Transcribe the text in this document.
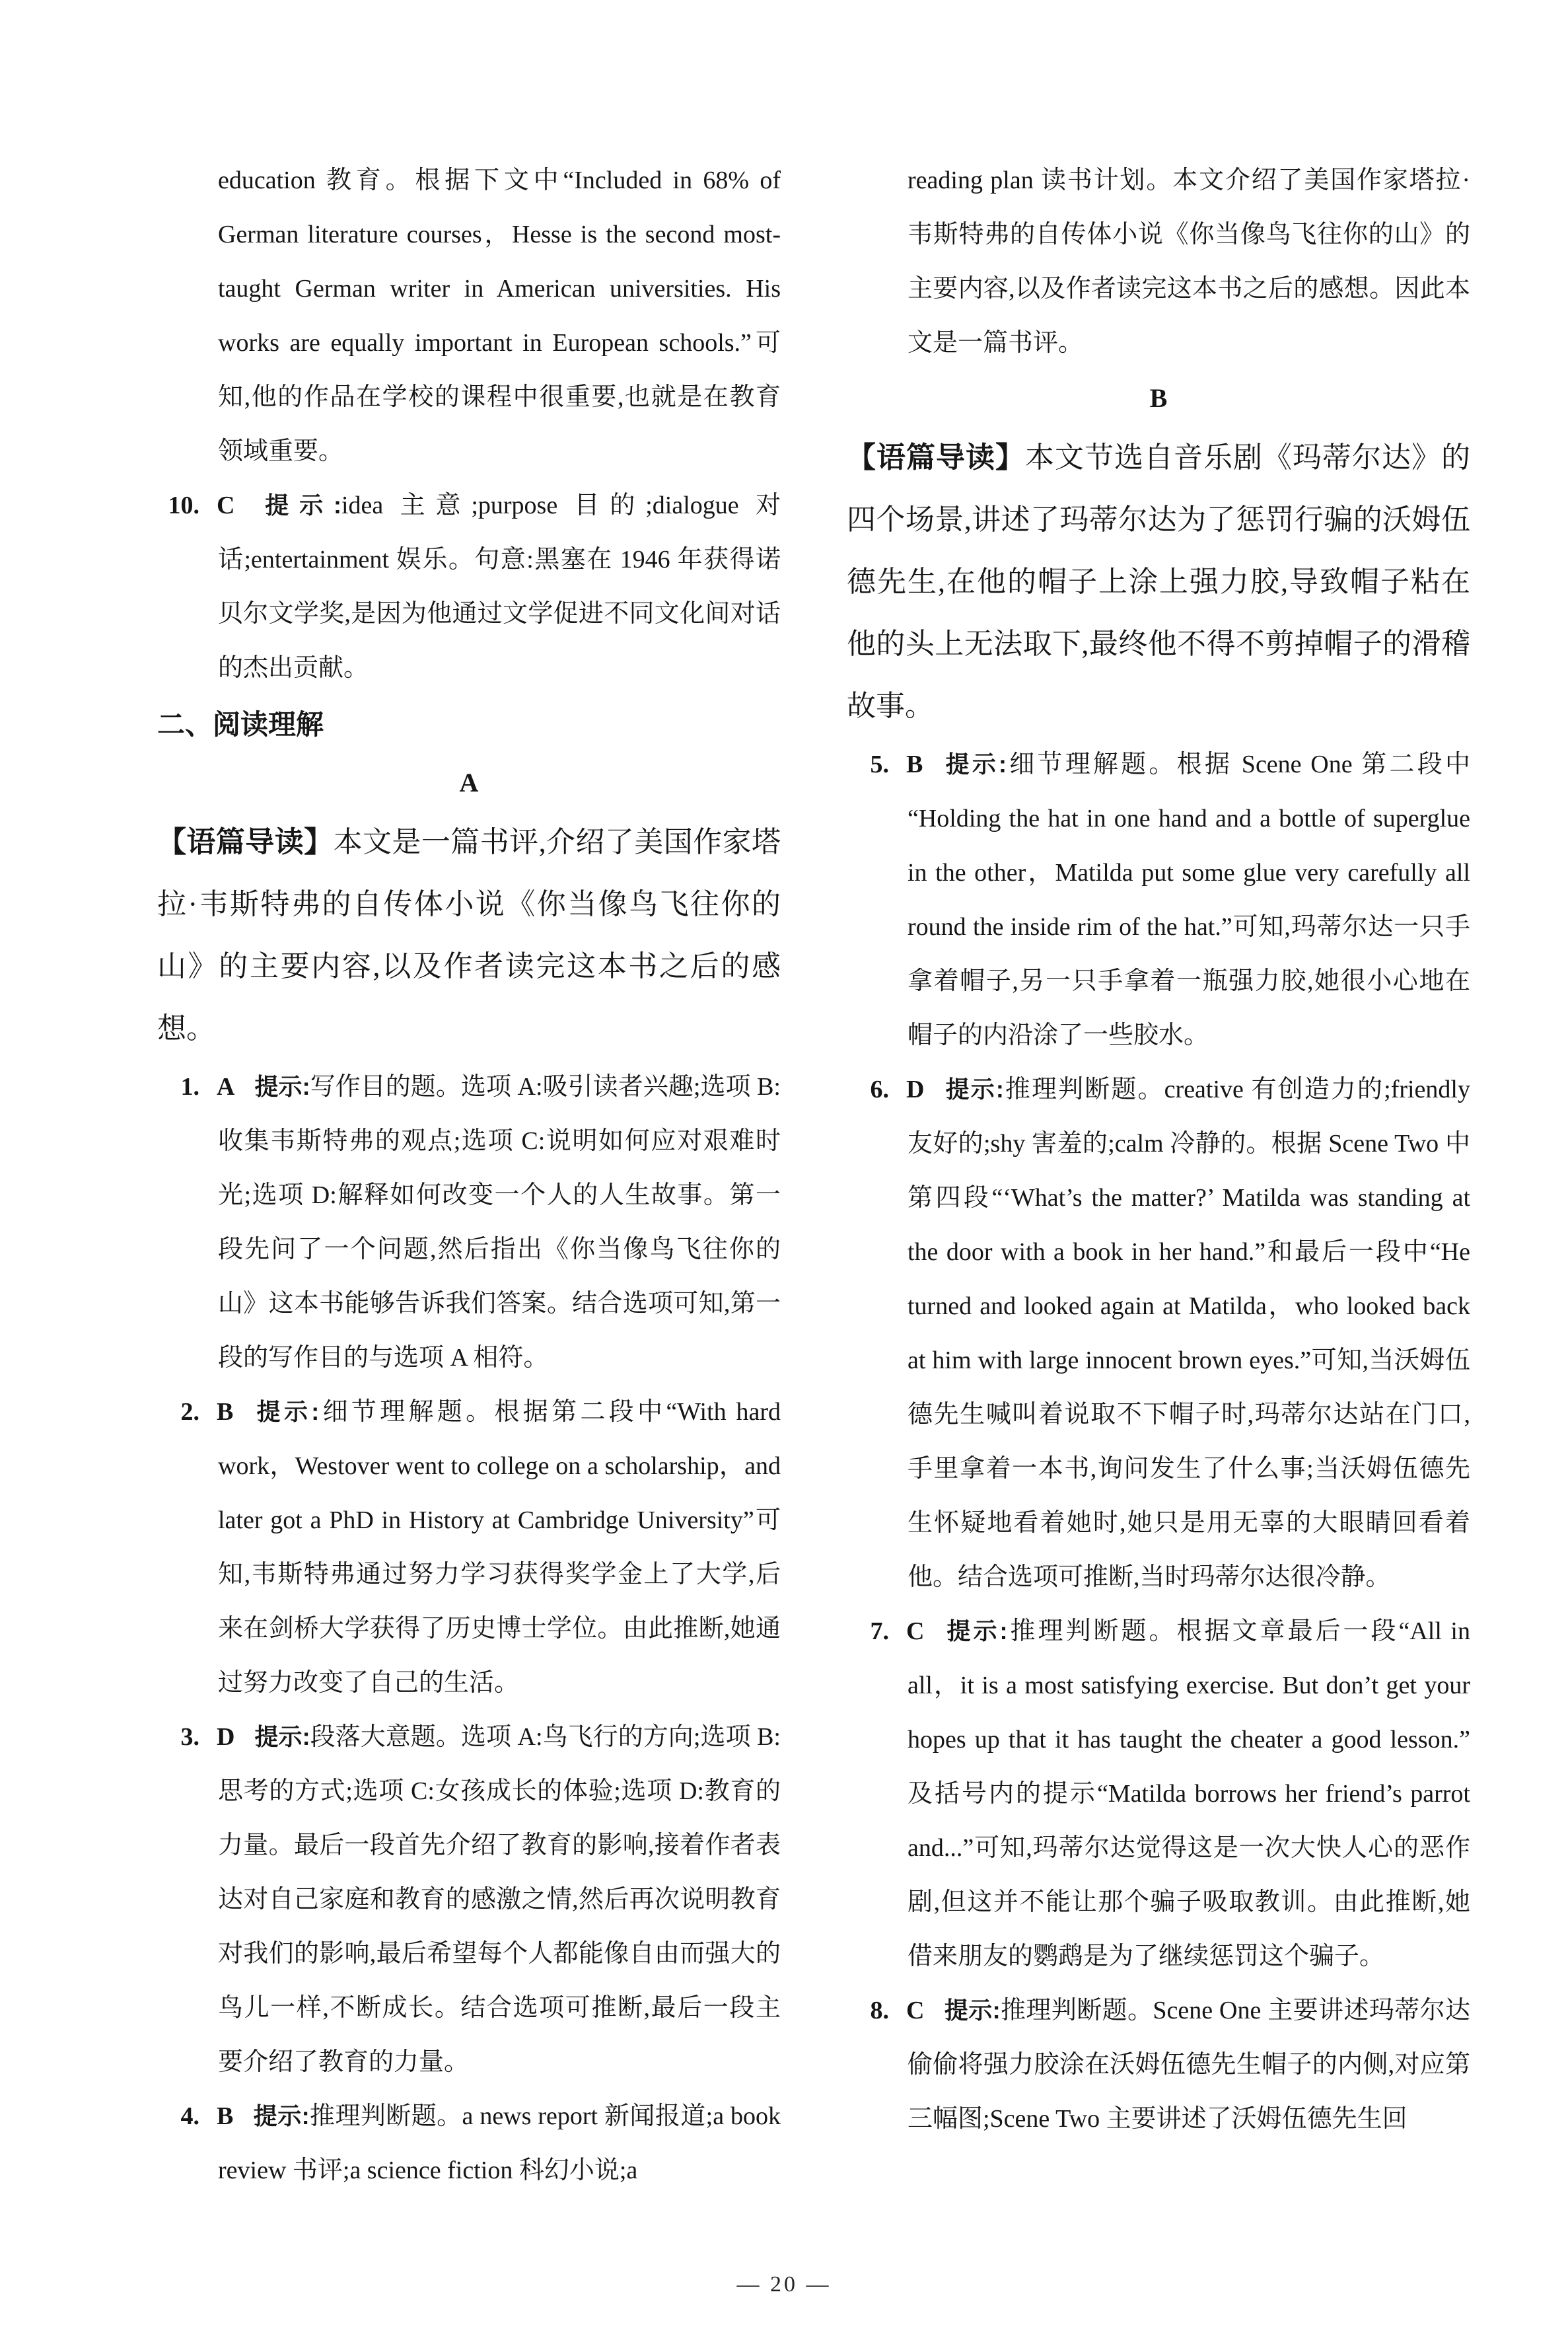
education 教育。根据下文中“Included in 68% of German literature courses，Hesse is the second most-taught German writer in American universities. His works are equally important in European schools.”可知,他的作品在学校的课程中很重要,也就是在教育领域重要。

10. C 提示:idea 主意;purpose 目的;dialogue 对话;entertainment 娱乐。句意:黑塞在 1946 年获得诺贝尔文学奖,是因为他通过文学促进不同文化间对话的杰出贡献。
二、阅读理解
A
【语篇导读】本文是一篇书评,介绍了美国作家塔拉·韦斯特弗的自传体小说《你当像鸟飞往你的山》的主要内容,以及作者读完这本书之后的感想。
1. A 提示:写作目的题。选项 A:吸引读者兴趣;选项 B:收集韦斯特弗的观点;选项 C:说明如何应对艰难时光;选项 D:解释如何改变一个人的人生故事。第一段先问了一个问题,然后指出《你当像鸟飞往你的山》这本书能够告诉我们答案。结合选项可知,第一段的写作目的与选项 A 相符。
2. B 提示:细节理解题。根据第二段中“With hard work，Westover went to college on a scholarship，and later got a PhD in History at Cambridge University”可知,韦斯特弗通过努力学习获得奖学金上了大学,后来在剑桥大学获得了历史博士学位。由此推断,她通过努力改变了自己的生活。
3. D 提示:段落大意题。选项 A:鸟飞行的方向;选项 B:思考的方式;选项 C:女孩成长的体验;选项 D:教育的力量。最后一段首先介绍了教育的影响,接着作者表达对自己家庭和教育的感激之情,然后再次说明教育对我们的影响,最后希望每个人都能像自由而强大的鸟儿一样,不断成长。结合选项可推断,最后一段主要介绍了教育的力量。
4. B 提示:推理判断题。a news report 新闻报道;a book review 书评;a science fiction 科幻小说;a

reading plan 读书计划。本文介绍了美国作家塔拉·韦斯特弗的自传体小说《你当像鸟飞往你的山》的主要内容,以及作者读完这本书之后的感想。因此本文是一篇书评。

B
【语篇导读】本文节选自音乐剧《玛蒂尔达》的四个场景,讲述了玛蒂尔达为了惩罚行骗的沃姆伍德先生,在他的帽子上涂上强力胶,导致帽子粘在他的头上无法取下,最终他不得不剪掉帽子的滑稽故事。
5. B 提示:细节理解题。根据 Scene One 第二段中“Holding the hat in one hand and a bottle of superglue in the other，Matilda put some glue very carefully all round the inside rim of the hat.”可知,玛蒂尔达一只手拿着帽子,另一只手拿着一瓶强力胶,她很小心地在帽子的内沿涂了一些胶水。
6. D 提示:推理判断题。creative 有创造力的;friendly 友好的;shy 害羞的;calm 冷静的。根据 Scene Two 中第四段“‘What’s the matter?’ Matilda was standing at the door with a book in her hand.”和最后一段中“He turned and looked again at Matilda，who looked back at him with large innocent brown eyes.”可知,当沃姆伍德先生喊叫着说取不下帽子时,玛蒂尔达站在门口,手里拿着一本书,询问发生了什么事;当沃姆伍德先生怀疑地看着她时,她只是用无辜的大眼睛回看着他。结合选项可推断,当时玛蒂尔达很冷静。
7. C 提示:推理判断题。根据文章最后一段“All in all，it is a most satisfying exercise. But don’t get your hopes up that it has taught the cheater a good lesson.”及括号内的提示“Matilda borrows her friend’s parrot and...”可知,玛蒂尔达觉得这是一次大快人心的恶作剧,但这并不能让那个骗子吸取教训。由此推断,她借来朋友的鹦鹉是为了继续惩罚这个骗子。
8. C 提示:推理判断题。Scene One 主要讲述玛蒂尔达偷偷将强力胶涂在沃姆伍德先生帽子的内侧,对应第三幅图;Scene Two 主要讲述了沃姆伍德先生回
— 20 —
